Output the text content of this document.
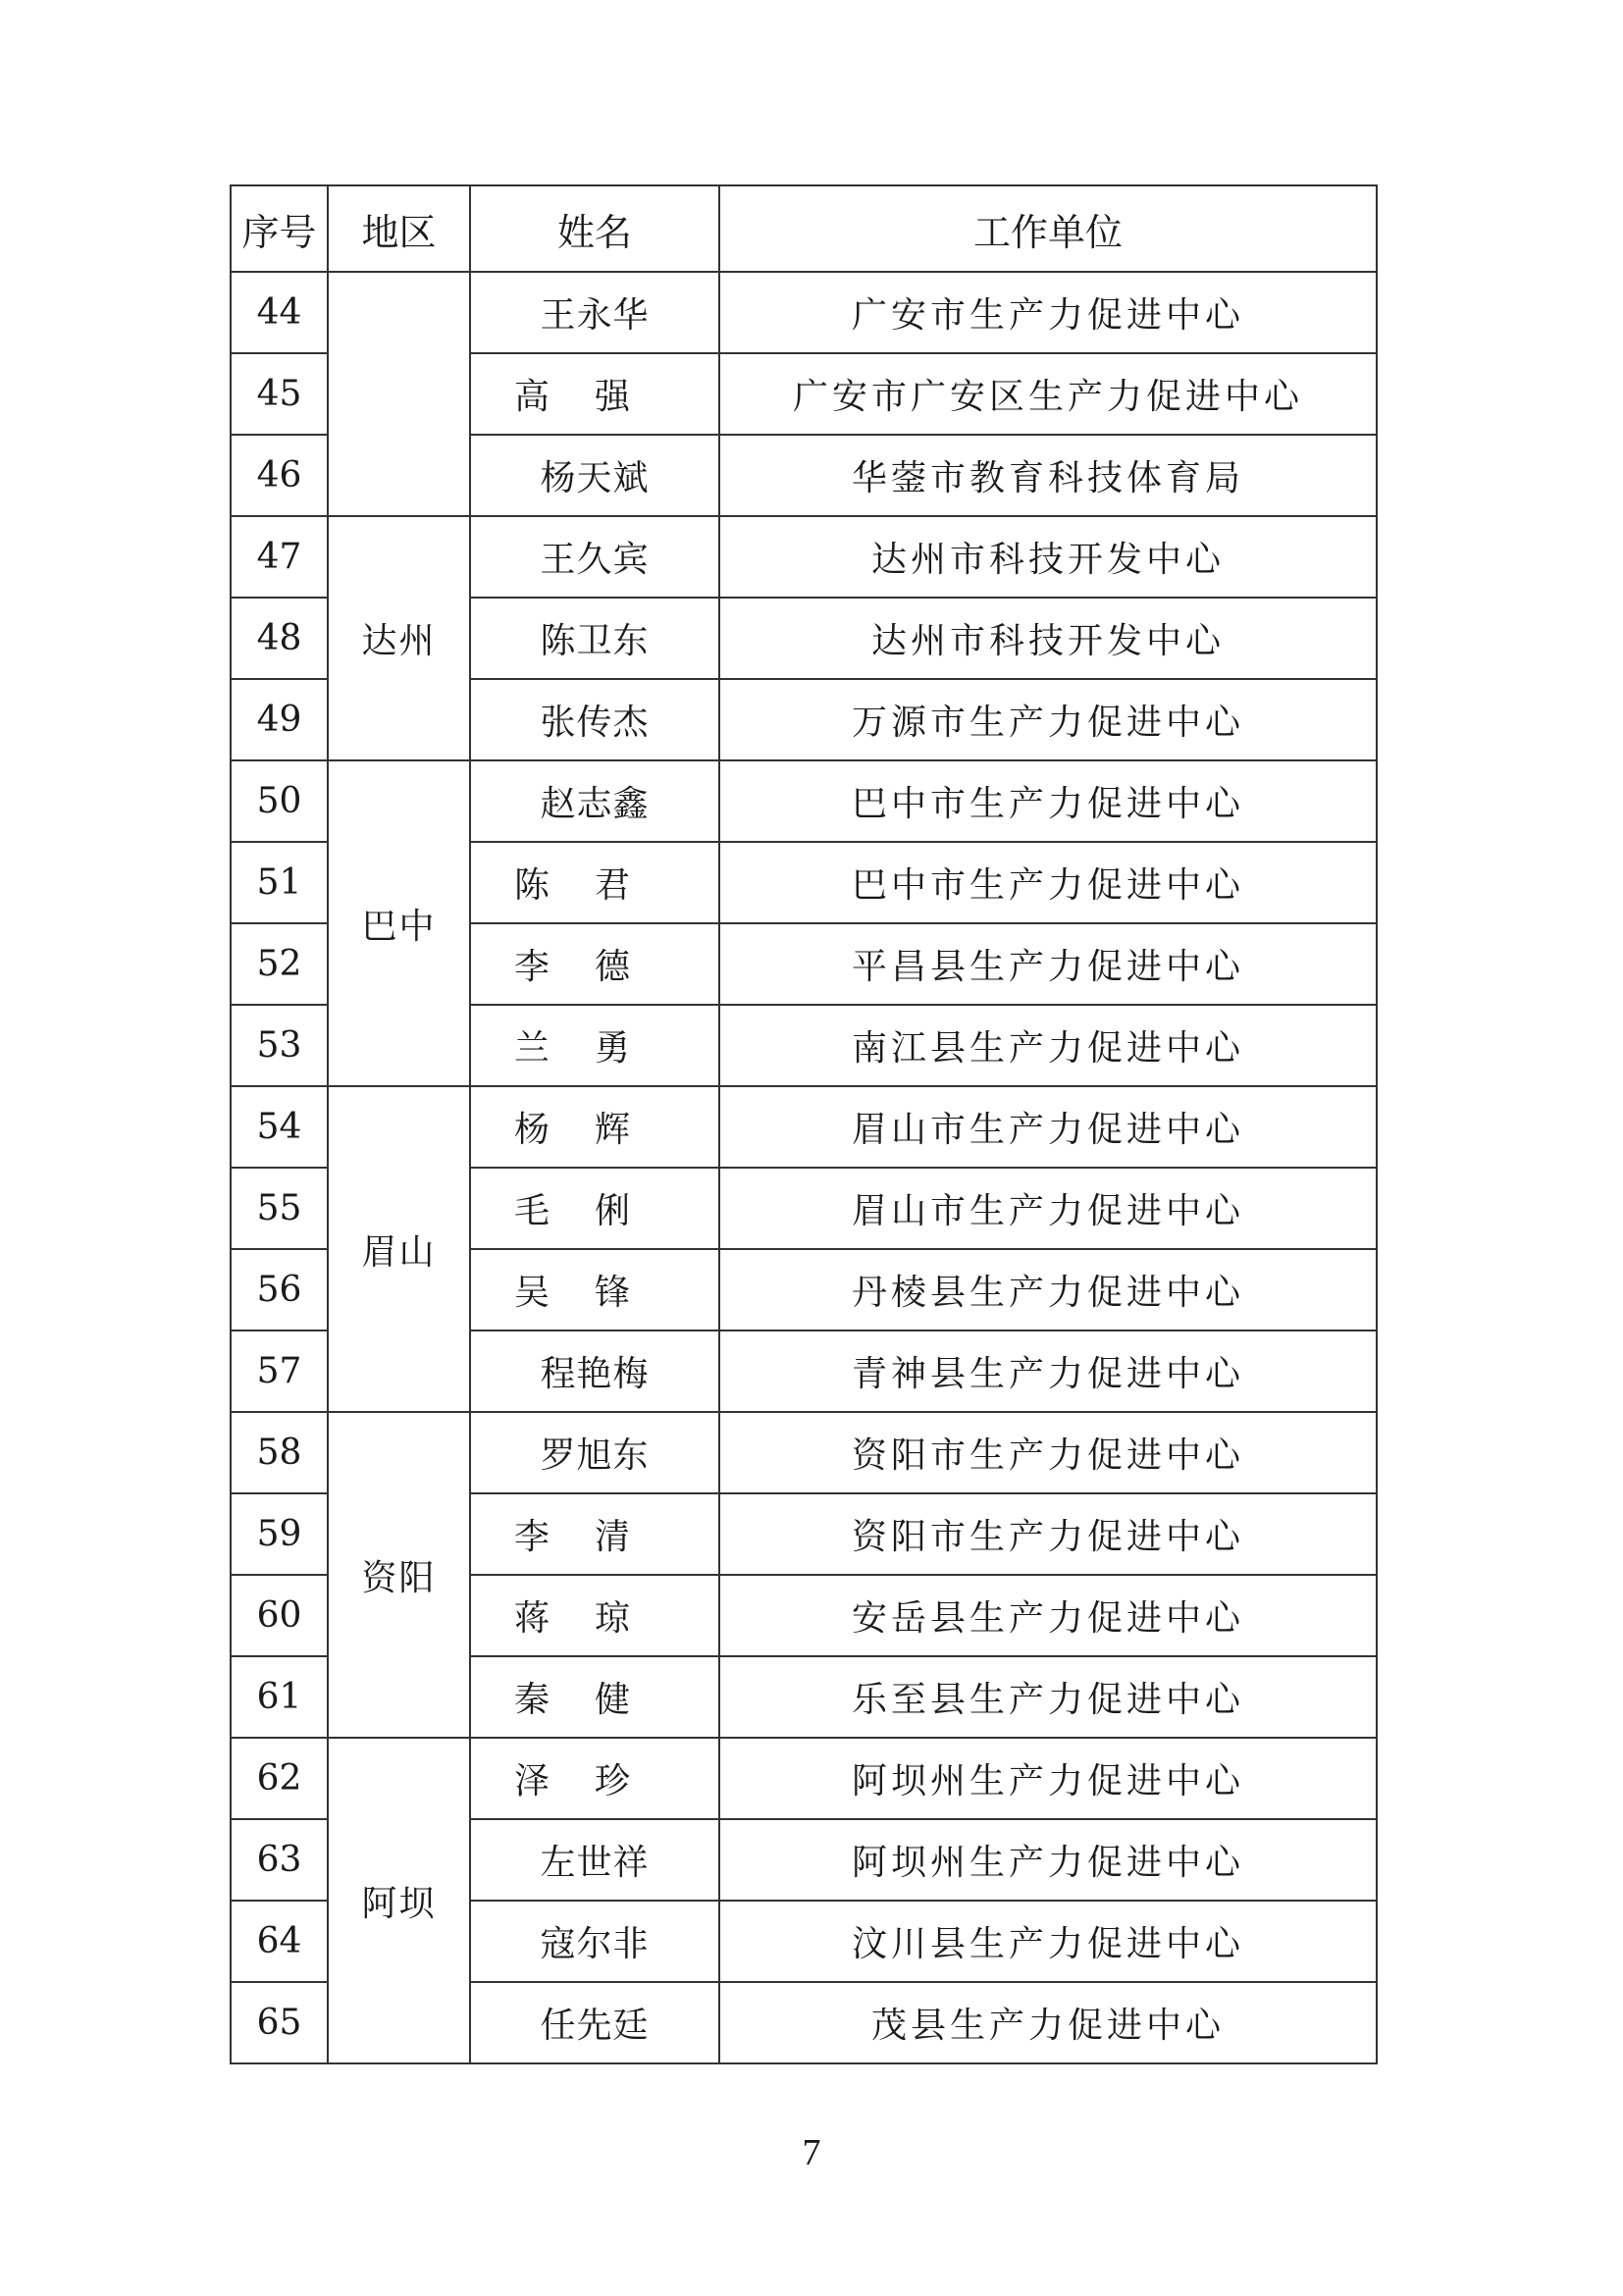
序号	地区	姓名	工作单位
44		王永华	广安市生产力促进中心
45		高强	广安市广安区生产力促进中心
46		杨天斌	华蓥市教育科技体育局
47	达州	王久宾	达州市科技开发中心
48		陈卫东	达州市科技开发中心
49		张传杰	万源市生产力促进中心
50	巴中	赵志鑫	巴中市生产力促进中心
51		陈君	巴中市生产力促进中心
52		李德	平昌县生产力促进中心
53		兰勇	南江县生产力促进中心
54	眉山	杨辉	眉山市生产力促进中心
55		毛俐	眉山市生产力促进中心
56		吴锋	丹棱县生产力促进中心
57		程艳梅	青神县生产力促进中心
58	资阳	罗旭东	资阳市生产力促进中心
59		李清	资阳市生产力促进中心
60		蒋琼	安岳县生产力促进中心
61		秦健	乐至县生产力促进中心
62	阿坝	泽珍	阿坝州生产力促进中心
63		左世祥	阿坝州生产力促进中心
64		寇尔非	汶川县生产力促进中心
65		任先廷	茂县生产力促进中心
7
